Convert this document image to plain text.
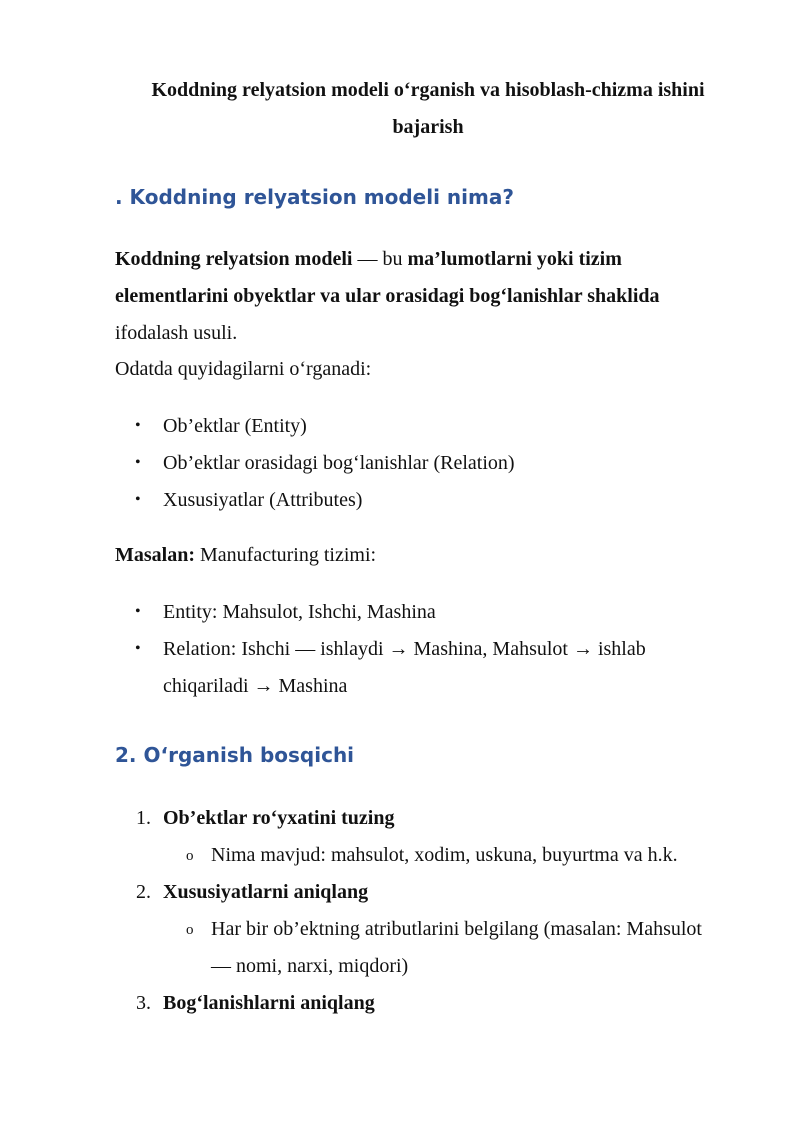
Koddning relyatsion modeli o‘rganish va hisoblash-chizma ishini bajarish
. Koddning relyatsion modeli nima?
Koddning relyatsion modeli — bu ma’lumotlarni yoki tizim
elementlarini obyektlar va ular orasidagi bog‘lanishlar shaklida
ifodalash usuli.
Odatda quyidagilarni o‘rganadi:
• Ob’ektlar (Entity)
• Ob’ektlar orasidagi bog‘lanishlar (Relation)
• Xususiyatlar (Attributes)
Masalan: Manufacturing tizimi:
• Entity: Mahsulot, Ishchi, Mashina
• Relation: Ishchi — ishlaydi → Mashina, Mahsulot → ishlab
chiqariladi → Mashina
2. O‘rganish bosqichi
1. Ob’ektlar ro‘yxatini tuzing
o Nima mavjud: mahsulot, xodim, uskuna, buyurtma va h.k.
2. Xususiyatlarni aniqlang
o Har bir ob’ektning atributlarini belgilang (masalan: Mahsulot
— nomi, narxi, miqdori)
3. Bog‘lanishlarni aniqlang
